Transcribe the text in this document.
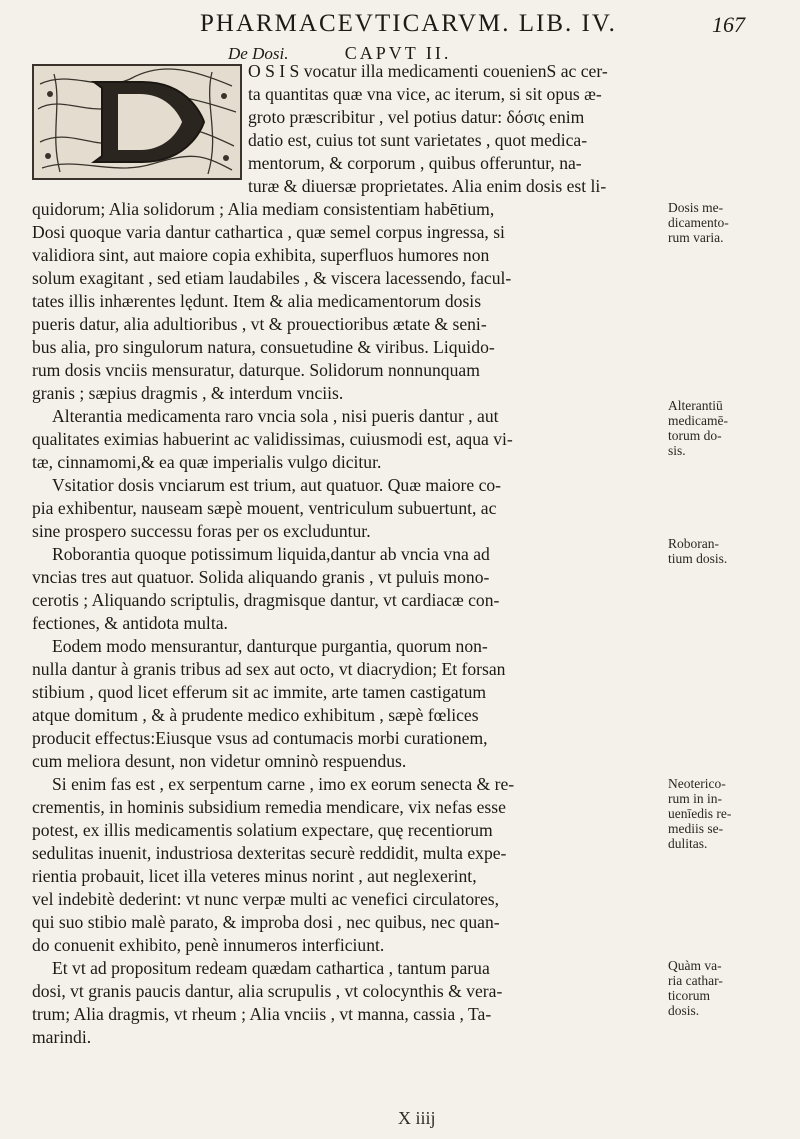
PHARMACEVTICARVM. LIB. IV.	167
De Dosi.	CAPVT II.
O S I S vocatur illa medicamenti couenienS ac cer-
ta quantitas quæ vna vice, ac iterum, si sit opus æ-
groto præscribitur , vel potius datur: δόσις enim
datio est, cuius tot sunt varietates , quot medica-
mentorum, & corporum , quibus offeruntur, na-
turæ & diuersæ proprietates. Alia enim dosis est li-
quidorum; Alia solidorum ; Alia mediam consistentiam habētium,
Dosi quoque varia dantur cathartica , quæ semel corpus ingressa, si
validiora sint, aut maiore copia exhibita, superfluos humores non
solum exagitant , sed etiam laudabiles , & viscera lacessendo, facul-
tates illis inhærentes lędunt. Item & alia medicamentorum dosis
pueris datur, alia adultioribus , vt & prouectioribus ætate & seni-
bus alia, pro singulorum natura, consuetudine & viribus. Liquido-
rum dosis vnciis mensuratur, daturque. Solidorum nonnunquam
granis ; sæpius dragmis , & interdum vnciis.
Alterantia medicamenta raro vncia sola , nisi pueris dantur , aut
qualitates eximias habuerint ac validissimas, cuiusmodi est, aqua vi-
tæ, cinnamomi,& ea quæ imperialis vulgo dicitur.
Vsitatior dosis vnciarum est trium, aut quatuor. Quæ maiore co-
pia exhibentur, nauseam sæpè mouent, ventriculum subuertunt, ac
sine prospero successu foras per os excluduntur.
Roborantia quoque potissimum liquida,dantur ab vncia vna ad
vncias tres aut quatuor. Solida aliquando granis , vt puluis mono-
cerotis ; Aliquando scriptulis, dragmisque dantur, vt cardiacæ con-
fectiones, & antidota multa.
Eodem modo mensurantur, danturque purgantia, quorum non-
nulla dantur à granis tribus ad sex aut octo, vt diacrydion; Et forsan
stibium , quod licet efferum sit ac immite, arte tamen castigatum
atque domitum , & à prudente medico exhibitum , sæpè fœlices
producit effectus:Eiusque vsus ad contumacis morbi curationem,
cum meliora desunt, non videtur omninò respuendus.
Si enim fas est , ex serpentum carne , imo ex eorum senecta & re-
crementis, in hominis subsidium remedia mendicare, vix nefas esse
potest, ex illis medicamentis solatium expectare, quę recentiorum
sedulitas inuenit, industriosa dexteritas securè reddidit, multa expe-
rientia probauit, licet illa veteres minus norint , aut neglexerint,
vel indebitè dederint: vt nunc verpæ multi ac venefici circulatores,
qui suo stibio malè parato, & improba dosi , nec quibus, nec quan-
do conuenit exhibito, penè innumeros interficiunt.
Et vt ad propositum redeam quædam cathartica , tantum parua
dosi, vt granis paucis dantur, alia scrupulis , vt colocynthis & vera-
trum; Alia dragmis, vt rheum ; Alia vnciis , vt manna, cassia , Ta-
marindi.
Dosis me-
dicamento-
rum varia.
Alterantiū
medicamē-
torum do-
sis.
Roboran-
tium dosis.
Neoterico-
rum in in-
uenīedis re-
mediis se-
dulitas.
Quàm va-
ria cathar-
ticorum
dosis.
X iiij
